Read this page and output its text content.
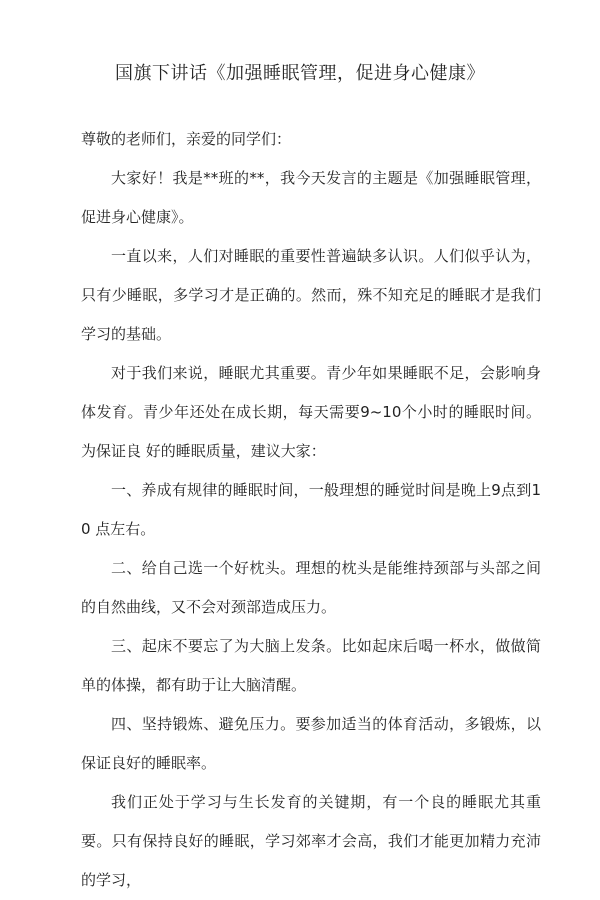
国旗下讲话《加强睡眠管理，促进身心健康》

尊敬的老师们，亲爱的同学们：

大家好！我是**班的**，我今天发言的主题是《加强睡眠管理，促进身心健康》。

一直以来，人们对睡眠的重要性普遍缺多认识。人们似乎认为，只有少睡眠，多学习才是正确的。然而，殊不知充足的睡眠才是我们学习的基础。

对于我们来说，睡眠尤其重要。青少年如果睡眠不足，会影响身体发育。青少年还处在成长期，每天需要9~10个小时的睡眠时间。为保证良 好的睡眠质量，建议大家：

一、养成有规律的睡眠时间，一般理想的睡觉时间是晚上9点到10 点左右。

二、给自己选一个好枕头。理想的枕头是能维持颈部与头部之间的自然曲线，又不会对颈部造成压力。

三、起床不要忘了为大脑上发条。比如起床后喝一杯水，做做简单的体操，都有助于让大脑清醒。

四、坚持锻炼、避免压力。要参加适当的体育活动，多锻炼，以保证良好的睡眠率。

我们正处于学习与生长发育的关键期，有一个良的睡眠尤其重要。只有保持良好的睡眠，学习郊率才会高，我们才能更加精力充沛的学习，
